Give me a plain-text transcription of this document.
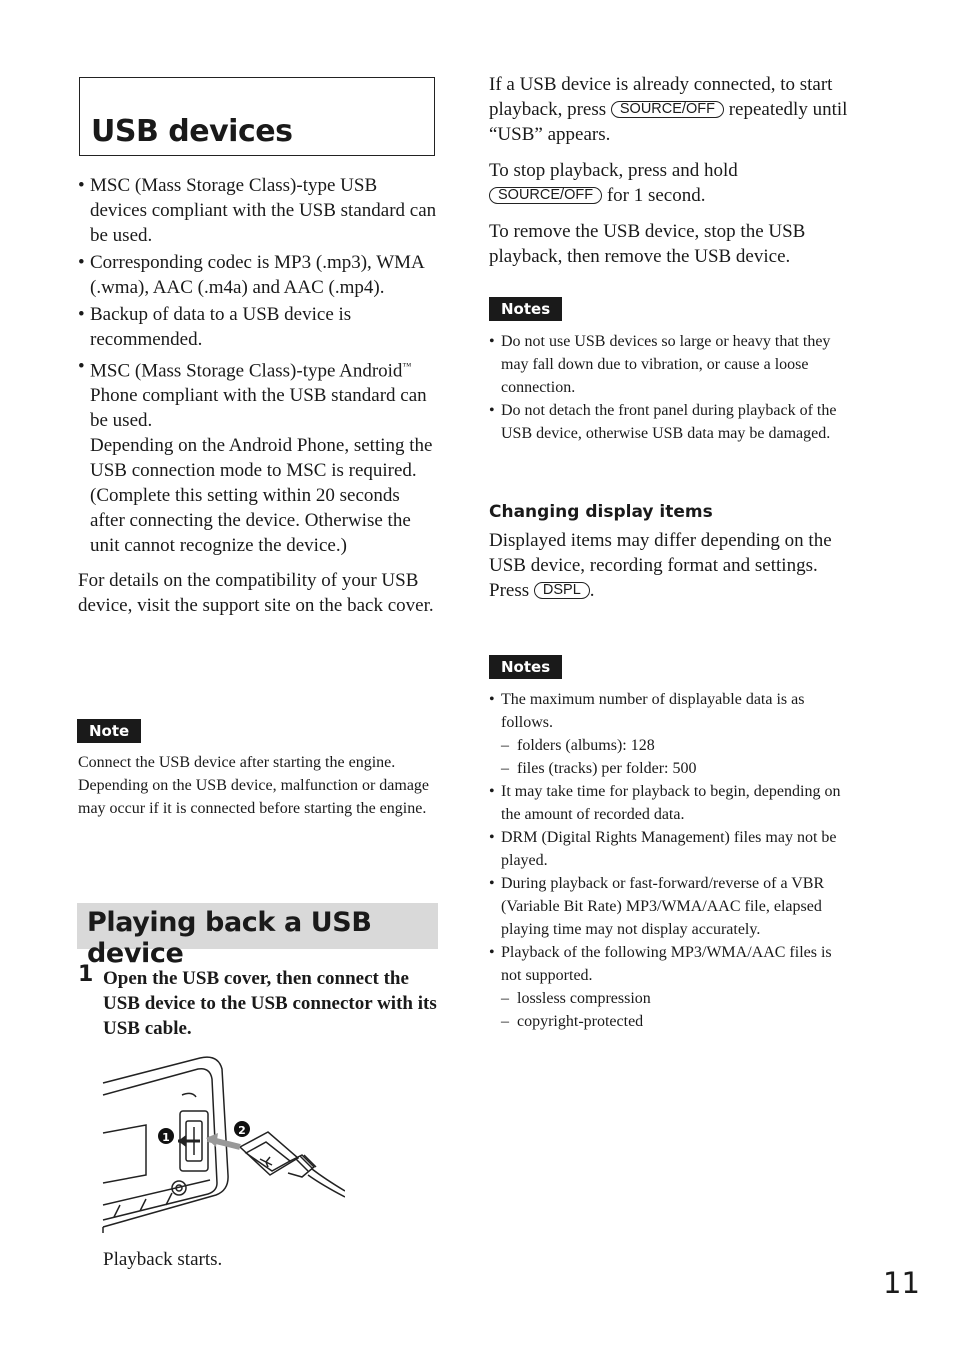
USB devices
• MSC (Mass Storage Class)-type USB devices compliant with the USB standard can be used.
• Corresponding codec is MP3 (.mp3), WMA (.wma), AAC (.m4a) and AAC (.mp4).
• Backup of data to a USB device is recommended.
• MSC (Mass Storage Class)-type Android™ Phone compliant with the USB standard can be used.
Depending on the Android Phone, setting the USB connection mode to MSC is required. (Complete this setting within 20 seconds after connecting the device. Otherwise the unit cannot recognize the device.)

For details on the compatibility of your USB device, visit the support site on the back cover.

Note
Connect the USB device after starting the engine. Depending on the USB device, malfunction or damage may occur if it is connected before starting the engine.
Playing back a USB device
1 Open the USB cover, then connect the USB device to the USB connector with its USB cable.
1
2
Playback starts.

If a USB device is already connected, to start playback, press SOURCE/OFF repeatedly until “USB” appears.

To stop playback, press and hold SOURCE/OFF for 1 second.

To remove the USB device, stop the USB playback, then remove the USB device.

Notes
• Do not use USB devices so large or heavy that they may fall down due to vibration, or cause a loose connection.
• Do not detach the front panel during playback of the USB device, otherwise USB data may be damaged.
Changing display items
Displayed items may differ depending on the USB device, recording format and settings.
Press DSPL .
Notes
• The maximum number of displayable data is as follows.
– folders (albums): 128
– files (tracks) per folder: 500
• It may take time for playback to begin, depending on the amount of recorded data.
• DRM (Digital Rights Management) files may not be played.
• During playback or fast-forward/reverse of a VBR (Variable Bit Rate) MP3/WMA/AAC file, elapsed playing time may not display accurately.
• Playback of the following MP3/WMA/AAC files is not supported.
– lossless compression
– copyright-protected
11
